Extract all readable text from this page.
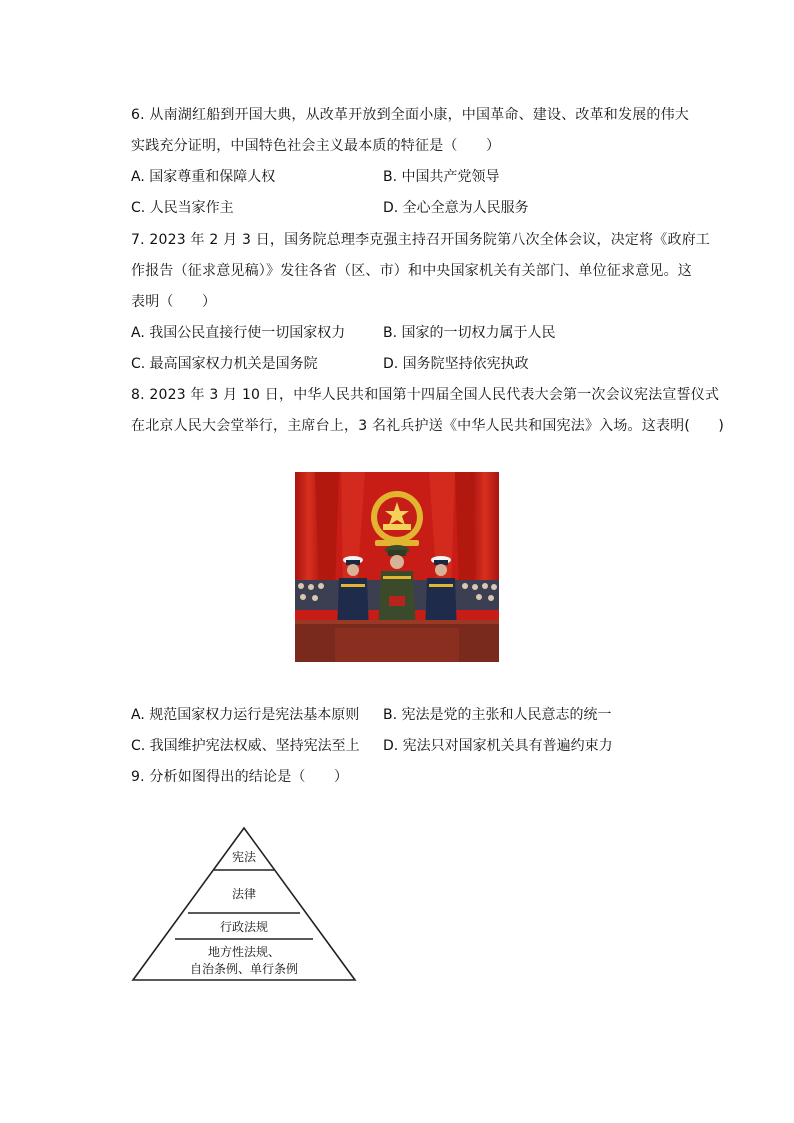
6. 从南湖红船到开国大典，从改革开放到全面小康，中国革命、建设、改革和发展的伟大
实践充分证明，中国特色社会主义最本质的特征是（　　）
A. 国家尊重和保障人权	B. 中国共产党领导
C. 人民当家作主	D. 全心全意为人民服务
7. 2023 年 2 月 3 日，国务院总理李克强主持召开国务院第八次全体会议，决定将《政府工
作报告（征求意见稿）》发往各省（区、市）和中央国家机关有关部门、单位征求意见。这
表明（　　）
A. 我国公民直接行使一切国家权力	B. 国家的一切权力属于人民
C. 最高国家权力机关是国务院	D. 国务院坚持依宪执政
8. 2023 年 3 月 10 日，中华人民共和国第十四届全国人民代表大会第一次会议宪法宣誓仪式
在北京人民大会堂举行，主席台上，3 名礼兵护送《中华人民共和国宪法》入场。这表明(　　)
A. 规范国家权力运行是宪法基本原则 B. 宪法是党的主张和人民意志的统一
C. 我国维护宪法权威、坚持宪法至上 D. 宪法只对国家机关具有普遍约束力
9. 分析如图得出的结论是（　　）
宪法
法律
行政法规
地方性法规、
自治条例、单行条例
